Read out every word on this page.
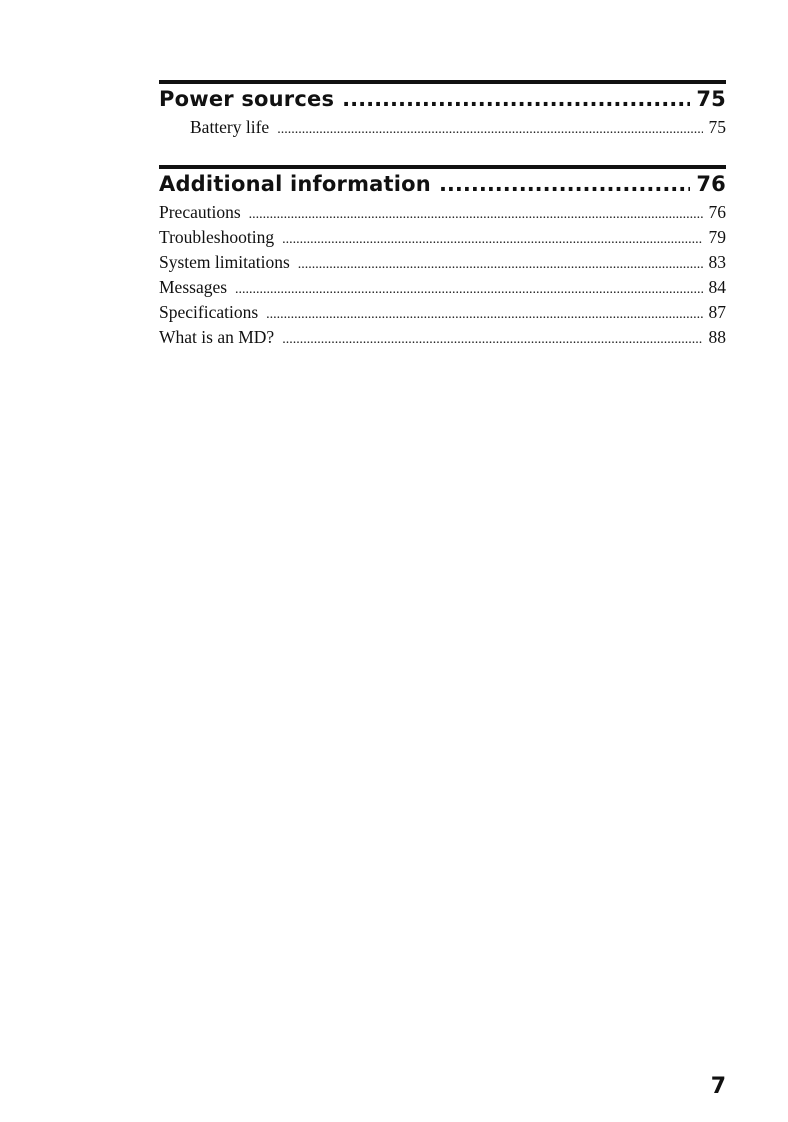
Power sources .....	75
Battery life .....	75
Additional information .....	76
Precautions .....	76
Troubleshooting .....	79
System limitations .....	83
Messages .....	84
Specifications .....	87
What is an MD? .....	88
7
